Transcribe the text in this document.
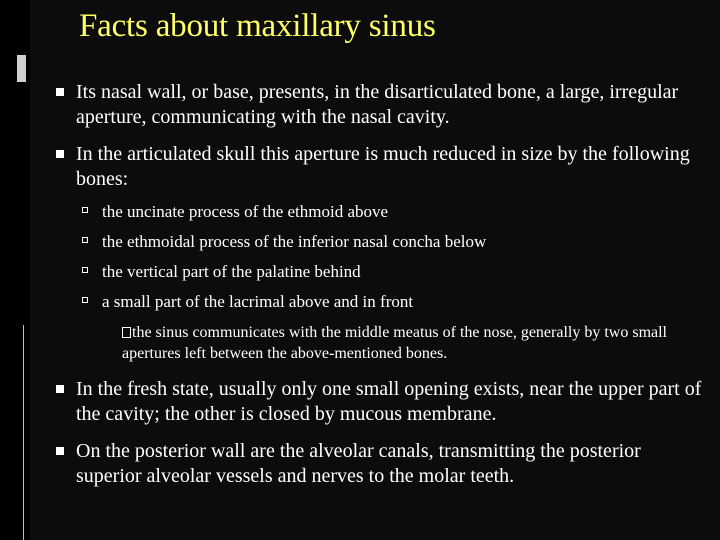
Facts about maxillary sinus
Its nasal wall, or base, presents, in the disarticulated bone, a large, irregular aperture, communicating with the nasal cavity.
In the articulated skull this aperture is much reduced in size by the following bones:
the uncinate process of the ethmoid above
the ethmoidal process of the inferior nasal concha below
the vertical part of the palatine behind
a small part of the lacrimal above and in front
the sinus communicates with the middle meatus of the nose, generally by two small apertures left between the above-mentioned bones.
In the fresh state, usually only one small opening exists, near the upper part of the cavity; the other is closed by mucous membrane.
On the posterior wall are the alveolar canals, transmitting the posterior superior alveolar vessels and nerves to the molar teeth.
